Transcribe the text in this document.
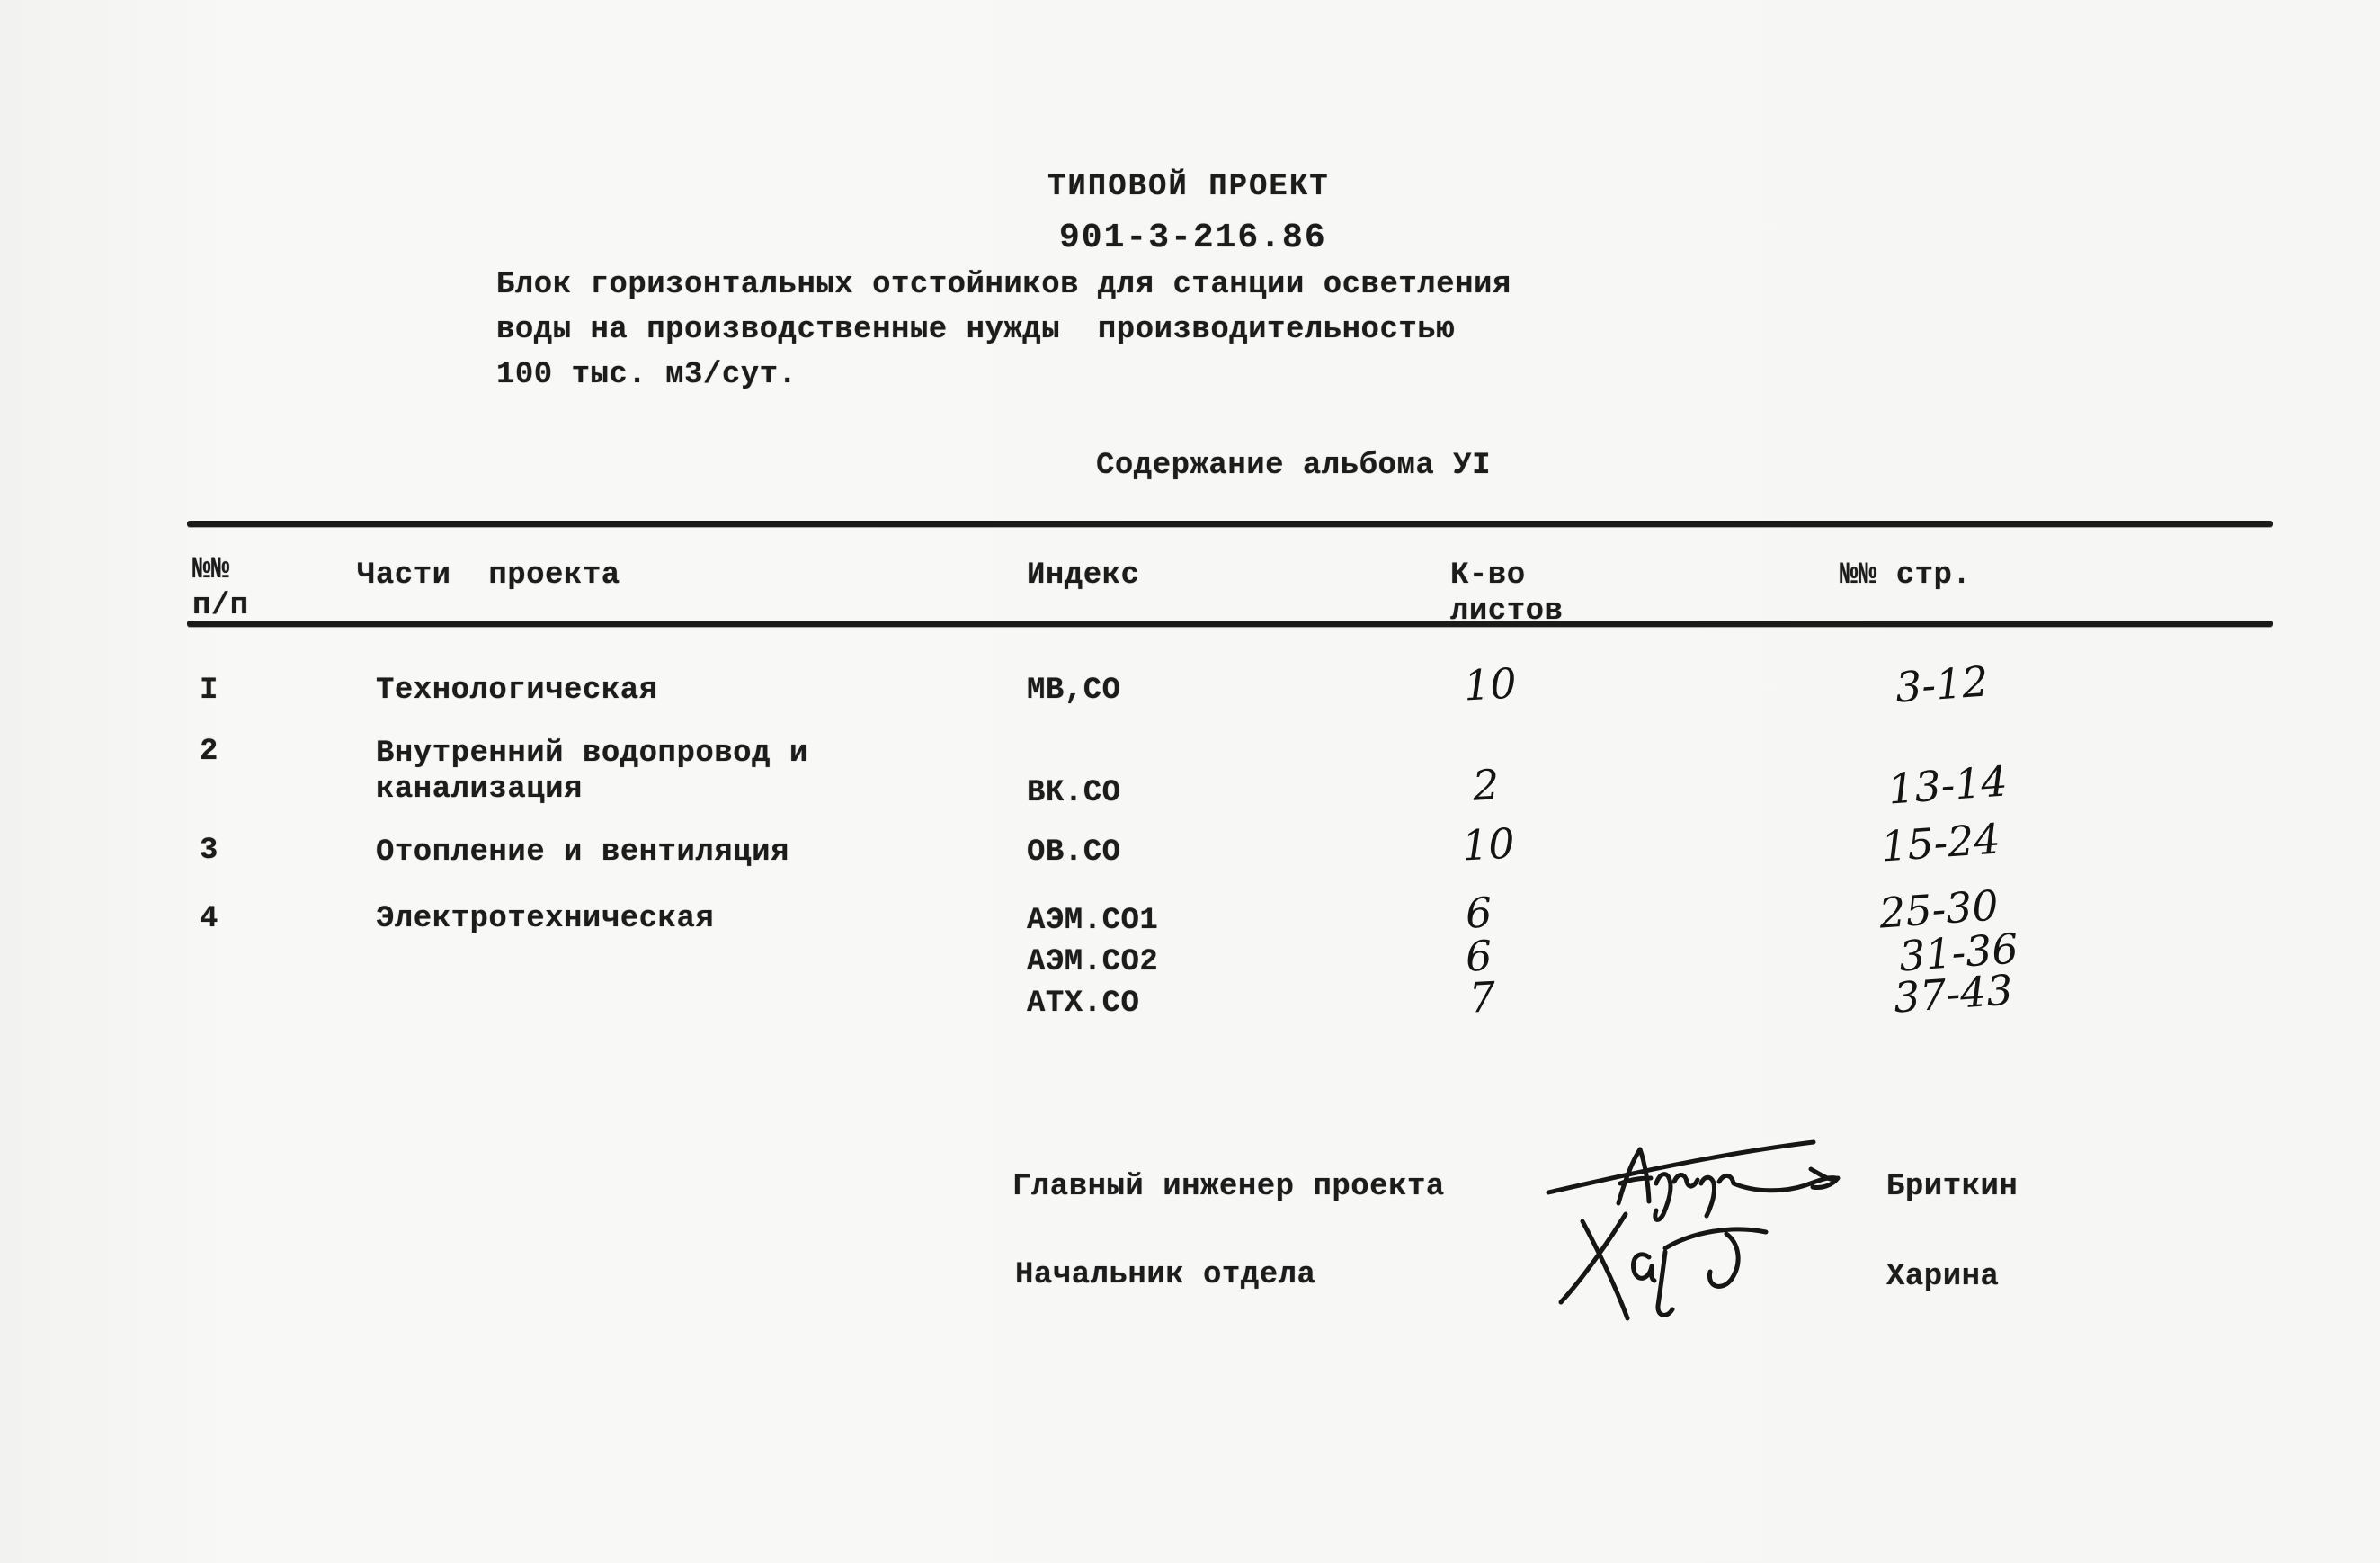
ТИПОВОЙ ПРОЕКТ
901-3-216.86
Блок горизонтальных отстойников для станции осветления
воды на производственные нужды  производительностью
100 тыс. м3/сут.
Содержание альбома УI
№№
п/п
Части  проекта	Индекс	К-во
листов
№№ стр.
I	Технологическая	МВ,СО	10	3-12
2	Внутренний водопровод и
канализация	ВК.СО	2	13-14
3	Отопление и вентиляция	ОВ.СО	10	15-24
4	Электротехническая	АЭМ.СО1	6	25-30
АЭМ.СО2	6	31-36
АТХ.СО	7	37-43
Главный инженер проекта	Бриткин
Начальник отдела	Харина
